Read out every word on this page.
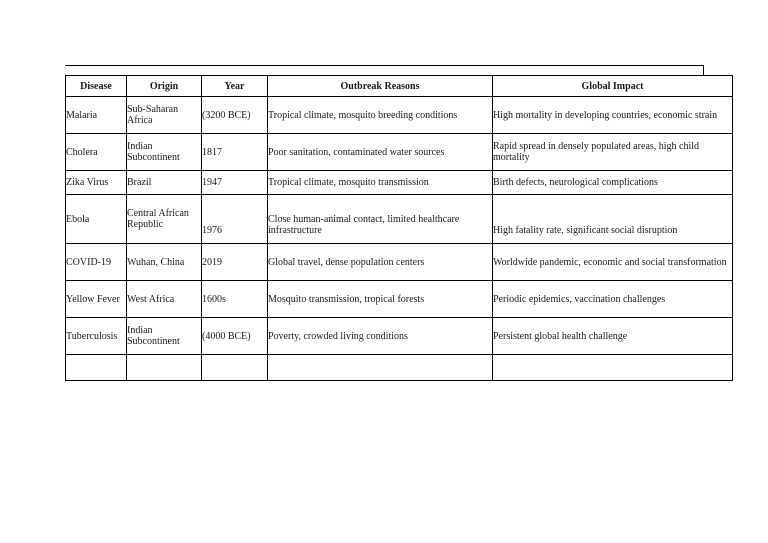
Disease	Origin	Year	Outbreak Reasons	Global Impact
Malaria	Sub-Saharan Africa	(3200 BCE)	Tropical climate, mosquito breeding conditions	High mortality in developing countries, economic strain
Cholera	Indian Subcontinent	1817	Poor sanitation, contaminated water sources	Rapid spread in densely populated areas, high child mortality
Zika Virus	Brazil	1947	Tropical climate, mosquito transmission	Birth defects, neurological complications
Ebola	Central African Republic	1976	Close human-animal contact, limited healthcare infrastructure	High fatality rate, significant social disruption
COVID-19	Wuhan, China	2019	Global travel, dense population centers	Worldwide pandemic, economic and social transformation
Yellow Fever	West Africa	1600s	Mosquito transmission, tropical forests	Periodic epidemics, vaccination challenges
Tuberculosis	Indian Subcontinent	(4000 BCE)	Poverty, crowded living conditions	Persistent global health challenge
